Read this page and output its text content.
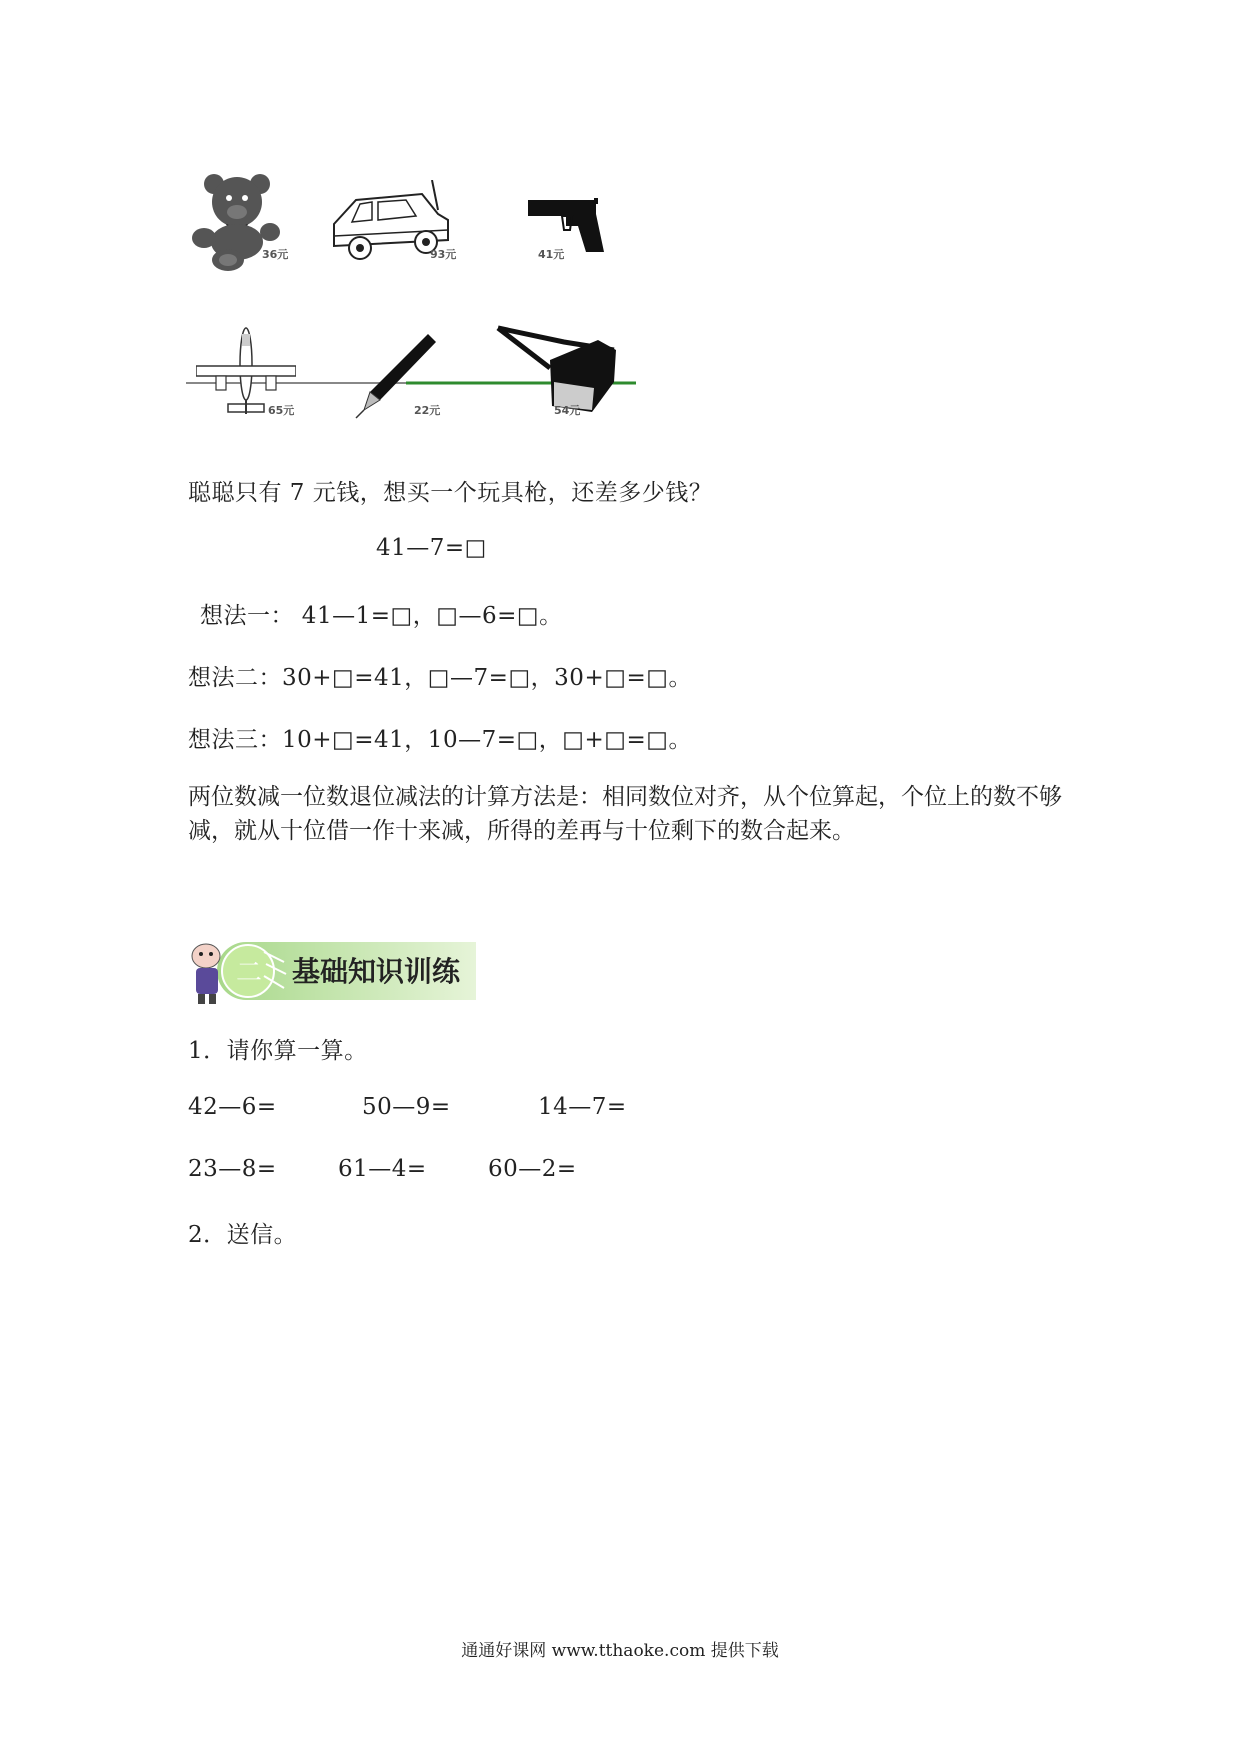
36元	93元	41元
65元	22元	54元
聪聪只有 7 元钱，想买一个玩具枪，还差多少钱？
41—7=□
想法一： 41—1=□，□—6=□。
想法二：30+□=41，□—7=□，30+□=□。
想法三：10+□=41，10—7=□，□+□=□。
两位数减一位数退位减法的计算方法是：相同数位对齐，从个位算起，个位上的数不够减，就从十位借一作十来减，所得的差再与十位剩下的数合起来。
二 基础知识训练
1．请你算一算。
42—6=	50—9=	14—7=
23—8=	61—4=	60—2=
2．送信。
通通好课网 www.tthaoke.com 提供下载
